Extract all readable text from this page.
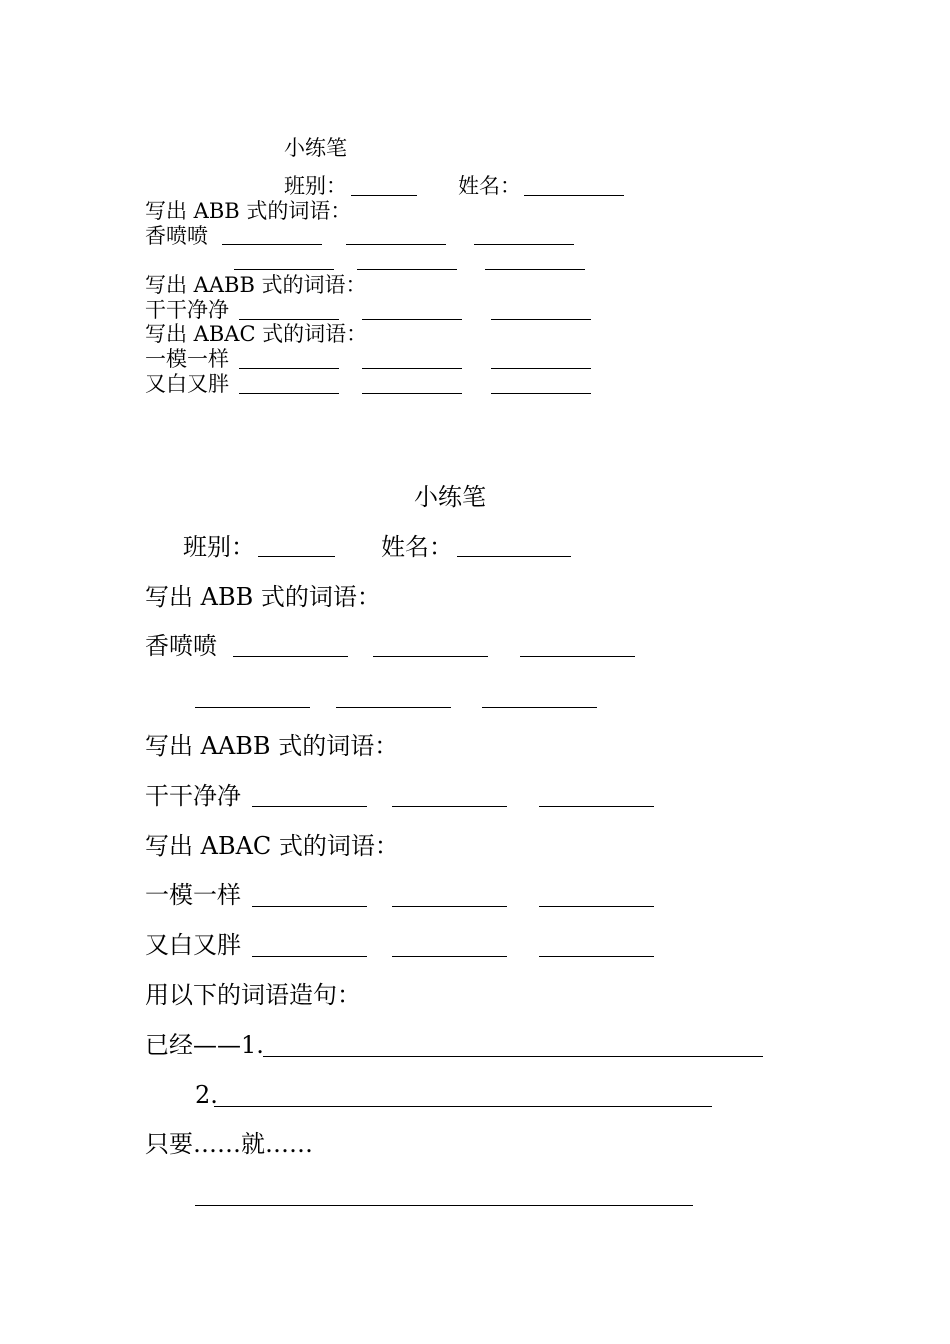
小练笔
班别：	姓名：
写出 ABB 式的词语：
香喷喷
写出 AABB 式的词语：
干干净净
写出 ABAC 式的词语：
一模一样
又白又胖
小练笔
班别：	姓名：
写出 ABB 式的词语：
香喷喷
写出 AABB 式的词语：
干干净净
写出 ABAC 式的词语：
一模一样
又白又胖
用以下的词语造句：
已经——1.
2.
只要……就……
